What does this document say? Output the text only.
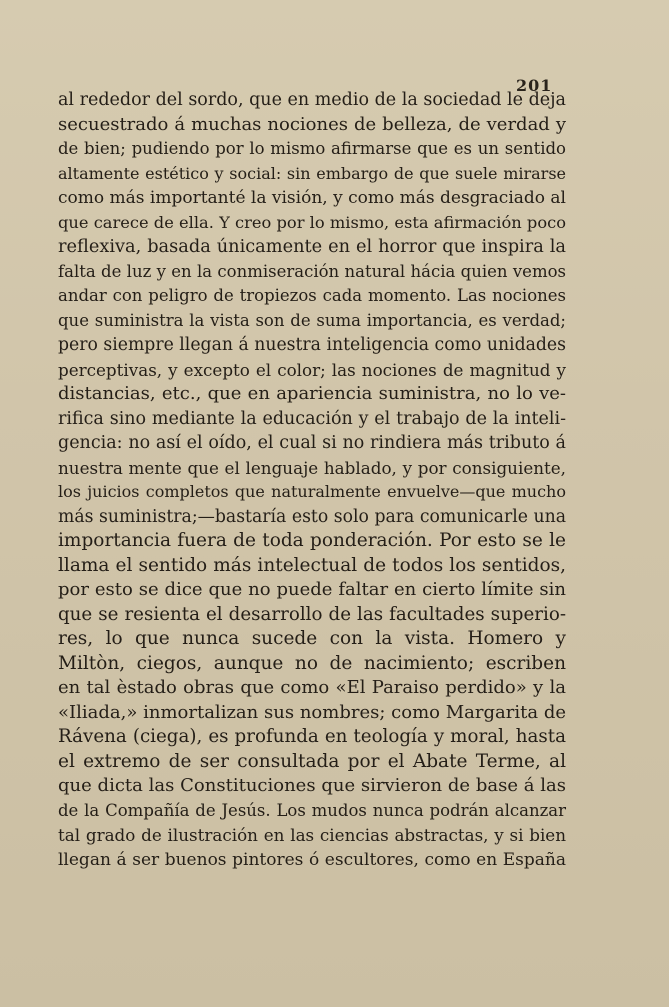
201
al rededor del sordo, que en medio de la sociedad le deja
secuestrado á muchas nociones de belleza, de verdad y
de bien; pudiendo por lo mismo afirmarse que es un sentido
altamente estético y social: sin embargo de que suele mirarse
como más importanté la visión, y como más desgraciado al
que carece de ella. Y creo por lo mismo, esta afirmación poco
reflexiva, basada únicamente en el horror que inspira la
falta de luz y en la conmiseración natural hácia quien vemos
andar con peligro de tropiezos cada momento. Las nociones
que suministra la vista son de suma importancia, es verdad;
pero siempre llegan á nuestra inteligencia como unidades
perceptivas, y excepto el color; las nociones de magnitud y
distancias, etc., que en apariencia suministra, no lo ve-
rifica sino mediante la educación y el trabajo de la inteli-
gencia: no así el oído, el cual si no rindiera más tributo á
nuestra mente que el lenguaje hablado, y por consiguiente,
los juicios completos que naturalmente envuelve—que mucho
más suministra;—bastaría esto solo para comunicarle una
importancia fuera de toda ponderación. Por esto se le
llama el sentido más intelectual de todos los sentidos,
por esto se dice que no puede faltar en cierto límite sin
que se resienta el desarrollo de las facultades superio-
res, lo que nunca sucede con la vista. Homero y
Miltòn, ciegos, aunque no de nacimiento; escriben
en tal èstado obras que como «El Paraiso perdido» y la
«Iliada,» inmortalizan sus nombres; como Margarita de
Rávena (ciega), es profunda en teología y moral, hasta
el extremo de ser consultada por el Abate Terme, al
que dicta las Constituciones que sirvieron de base á las
de la Compañía de Jesús. Los mudos nunca podrán alcanzar
tal grado de ilustración en las ciencias abstractas, y si bien
llegan á ser buenos pintores ó escultores, como en España
